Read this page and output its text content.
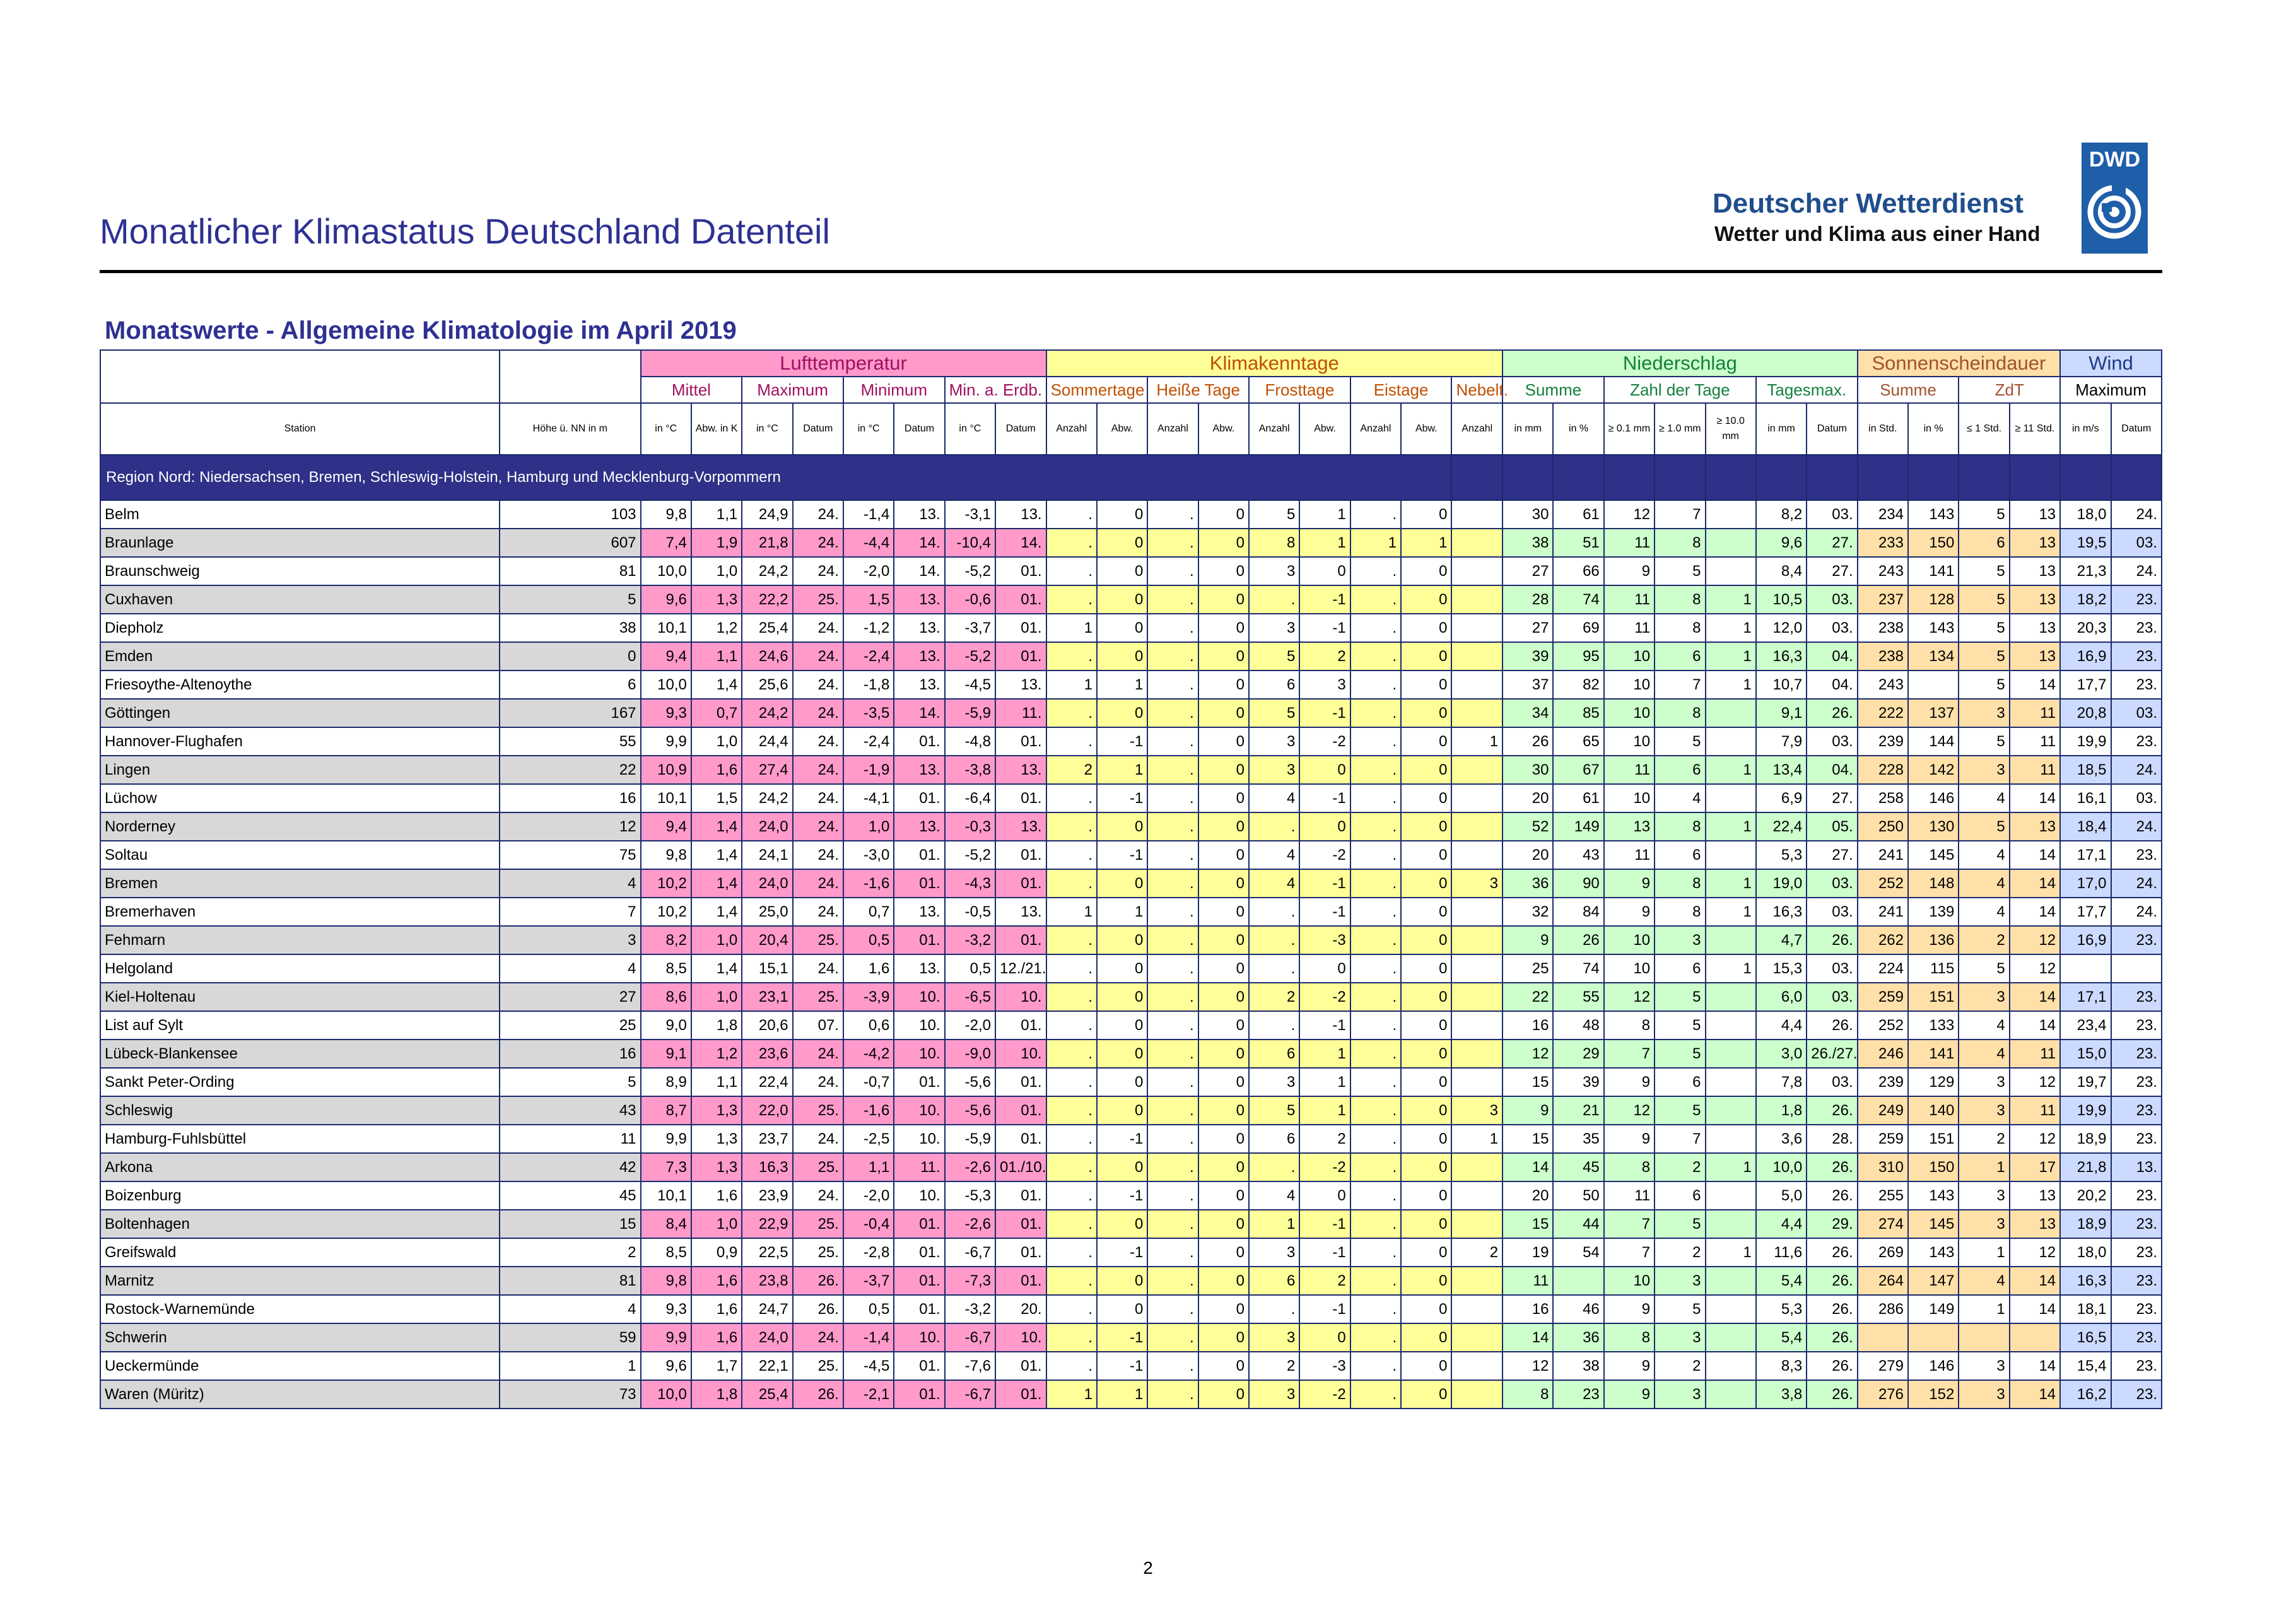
Monatlicher Klimastatus Deutschland Datenteil
Deutscher Wetterdienst
Wetter und Klima aus einer Hand
DWD
Monatswerte - Allgemeine Klimatologie im April 2019
		Lufttemperatur								Klimakenntage									Niederschlag							Sonnenscheindauer				Wind	
		Mittel		Maximum		Minimum		Min. a. Erdb.		Sommertage		Heiße Tage		Frosttage		Eistage		Nebelt.	Summe		Zahl der Tage			Tagesmax.		Summe		ZdT		Maximum	
Station	Höhe ü. NN in m	in °C	Abw. in K	in °C	Datum	in °C	Datum	in °C	Datum	Anzahl	Abw.	Anzahl	Abw.	Anzahl	Abw.	Anzahl	Abw.	Anzahl	in mm	in %	≥ 0.1 mm	≥ 1.0 mm	≥ 10.0 mm	in mm	Datum	in Std.	in %	≤ 1 Std.	≥ 11 Std.	in m/s	Datum
Region Nord: Niedersachsen, Bremen, Schleswig-Holstein, Hamburg und Mecklenburg-Vorpommern																															
Belm	103	9,8	1,1	24,9	24.	-1,4	13.	-3,1	13.	.	0	.	0	5	1	.	0		30	61	12	7		8,2	03.	234	143	5	13	18,0	24.
Braunlage	607	7,4	1,9	21,8	24.	-4,4	14.	-10,4	14.	.	0	.	0	8	1	1	1		38	51	11	8		9,6	27.	233	150	6	13	19,5	03.
Braunschweig	81	10,0	1,0	24,2	24.	-2,0	14.	-5,2	01.	.	0	.	0	3	0	.	0		27	66	9	5		8,4	27.	243	141	5	13	21,3	24.
Cuxhaven	5	9,6	1,3	22,2	25.	1,5	13.	-0,6	01.	.	0	.	0	.	-1	.	0		28	74	11	8	1	10,5	03.	237	128	5	13	18,2	23.
Diepholz	38	10,1	1,2	25,4	24.	-1,2	13.	-3,7	01.	1	0	.	0	3	-1	.	0		27	69	11	8	1	12,0	03.	238	143	5	13	20,3	23.
Emden	0	9,4	1,1	24,6	24.	-2,4	13.	-5,2	01.	.	0	.	0	5	2	.	0		39	95	10	6	1	16,3	04.	238	134	5	13	16,9	23.
Friesoythe-Altenoythe	6	10,0	1,4	25,6	24.	-1,8	13.	-4,5	13.	1	1	.	0	6	3	.	0		37	82	10	7	1	10,7	04.	243		5	14	17,7	23.
Göttingen	167	9,3	0,7	24,2	24.	-3,5	14.	-5,9	11.	.	0	.	0	5	-1	.	0		34	85	10	8		9,1	26.	222	137	3	11	20,8	03.
Hannover-Flughafen	55	9,9	1,0	24,4	24.	-2,4	01.	-4,8	01.	.	-1	.	0	3	-2	.	0	1	26	65	10	5		7,9	03.	239	144	5	11	19,9	23.
Lingen	22	10,9	1,6	27,4	24.	-1,9	13.	-3,8	13.	2	1	.	0	3	0	.	0		30	67	11	6	1	13,4	04.	228	142	3	11	18,5	24.
Lüchow	16	10,1	1,5	24,2	24.	-4,1	01.	-6,4	01.	.	-1	.	0	4	-1	.	0		20	61	10	4		6,9	27.	258	146	4	14	16,1	03.
Norderney	12	9,4	1,4	24,0	24.	1,0	13.	-0,3	13.	.	0	.	0	.	0	.	0		52	149	13	8	1	22,4	05.	250	130	5	13	18,4	24.
Soltau	75	9,8	1,4	24,1	24.	-3,0	01.	-5,2	01.	.	-1	.	0	4	-2	.	0		20	43	11	6		5,3	27.	241	145	4	14	17,1	23.
Bremen	4	10,2	1,4	24,0	24.	-1,6	01.	-4,3	01.	.	0	.	0	4	-1	.	0	3	36	90	9	8	1	19,0	03.	252	148	4	14	17,0	24.
Bremerhaven	7	10,2	1,4	25,0	24.	0,7	13.	-0,5	13.	1	1	.	0	.	-1	.	0		32	84	9	8	1	16,3	03.	241	139	4	14	17,7	24.
Fehmarn	3	8,2	1,0	20,4	25.	0,5	01.	-3,2	01.	.	0	.	0	.	-3	.	0		9	26	10	3		4,7	26.	262	136	2	12	16,9	23.
Helgoland	4	8,5	1,4	15,1	24.	1,6	13.	0,5	12./21.	.	0	.	0	.	0	.	0		25	74	10	6	1	15,3	03.	224	115	5	12		
Kiel-Holtenau	27	8,6	1,0	23,1	25.	-3,9	10.	-6,5	10.	.	0	.	0	2	-2	.	0		22	55	12	5		6,0	03.	259	151	3	14	17,1	23.
List auf Sylt	25	9,0	1,8	20,6	07.	0,6	10.	-2,0	01.	.	0	.	0	.	-1	.	0		16	48	8	5		4,4	26.	252	133	4	14	23,4	23.
Lübeck-Blankensee	16	9,1	1,2	23,6	24.	-4,2	10.	-9,0	10.	.	0	.	0	6	1	.	0		12	29	7	5		3,0	26./27.	246	141	4	11	15,0	23.
Sankt Peter-Ording	5	8,9	1,1	22,4	24.	-0,7	01.	-5,6	01.	.	0	.	0	3	1	.	0		15	39	9	6		7,8	03.	239	129	3	12	19,7	23.
Schleswig	43	8,7	1,3	22,0	25.	-1,6	10.	-5,6	01.	.	0	.	0	5	1	.	0	3	9	21	12	5		1,8	26.	249	140	3	11	19,9	23.
Hamburg-Fuhlsbüttel	11	9,9	1,3	23,7	24.	-2,5	10.	-5,9	01.	.	-1	.	0	6	2	.	0	1	15	35	9	7		3,6	28.	259	151	2	12	18,9	23.
Arkona	42	7,3	1,3	16,3	25.	1,1	11.	-2,6	01./10.	.	0	.	0	.	-2	.	0		14	45	8	2	1	10,0	26.	310	150	1	17	21,8	13.
Boizenburg	45	10,1	1,6	23,9	24.	-2,0	10.	-5,3	01.	.	-1	.	0	4	0	.	0		20	50	11	6		5,0	26.	255	143	3	13	20,2	23.
Boltenhagen	15	8,4	1,0	22,9	25.	-0,4	01.	-2,6	01.	.	0	.	0	1	-1	.	0		15	44	7	5		4,4	29.	274	145	3	13	18,9	23.
Greifswald	2	8,5	0,9	22,5	25.	-2,8	01.	-6,7	01.	.	-1	.	0	3	-1	.	0	2	19	54	7	2	1	11,6	26.	269	143	1	12	18,0	23.
Marnitz	81	9,8	1,6	23,8	26.	-3,7	01.	-7,3	01.	.	0	.	0	6	2	.	0		11		10	3		5,4	26.	264	147	4	14	16,3	23.
Rostock-Warnemünde	4	9,3	1,6	24,7	26.	0,5	01.	-3,2	20.	.	0	.	0	.	-1	.	0		16	46	9	5		5,3	26.	286	149	1	14	18,1	23.
Schwerin	59	9,9	1,6	24,0	24.	-1,4	10.	-6,7	10.	.	-1	.	0	3	0	.	0		14	36	8	3		5,4	26.					16,5	23.
Ueckermünde	1	9,6	1,7	22,1	25.	-4,5	01.	-7,6	01.	.	-1	.	0	2	-3	.	0		12	38	9	2		8,3	26.	279	146	3	14	15,4	23.
Waren (Müritz)	73	10,0	1,8	25,4	26.	-2,1	01.	-6,7	01.	1	1	.	0	3	-2	.	0		8	23	9	3		3,8	26.	276	152	3	14	16,2	23.
2
